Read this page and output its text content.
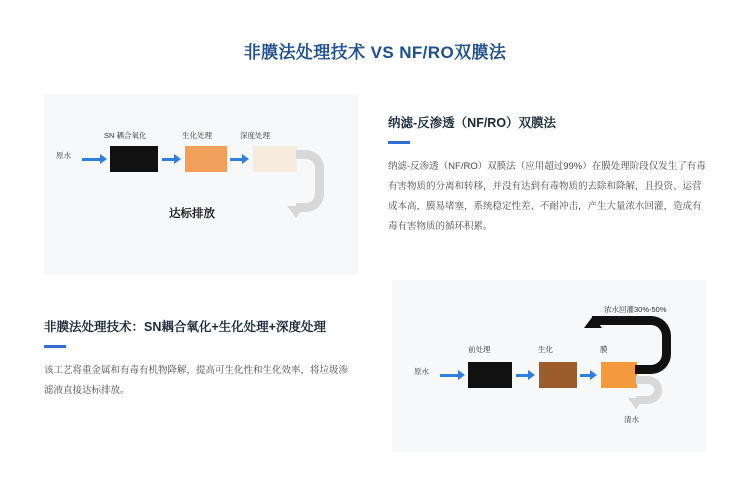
非膜法处理技术 VS NF/RO双膜法
SN 耦合氧化	生化处理	深度处理
原水
达标排放
纳滤-反渗透（NF/RO）双膜法
纳滤-反渗透（NF/RO）双膜法（应用超过99%）在膜处理阶段仅发生了有毒有害物质的分离和转移，并没有达到有毒物质的去除和降解，且投资、运营成本高，膜易堵塞，系统稳定性差、不耐冲击，产生大量浓水回灌，造成有毒有害物质的循环积累。
非膜法处理技术：SN耦合氧化+生化处理+深度处理
该工艺将重金属和有毒有机物降解，提高可生化性和生化效率，将垃圾渗滤液直接达标排放。
浓水回灌30%-50%
前处理	生化	膜
原水
清水
